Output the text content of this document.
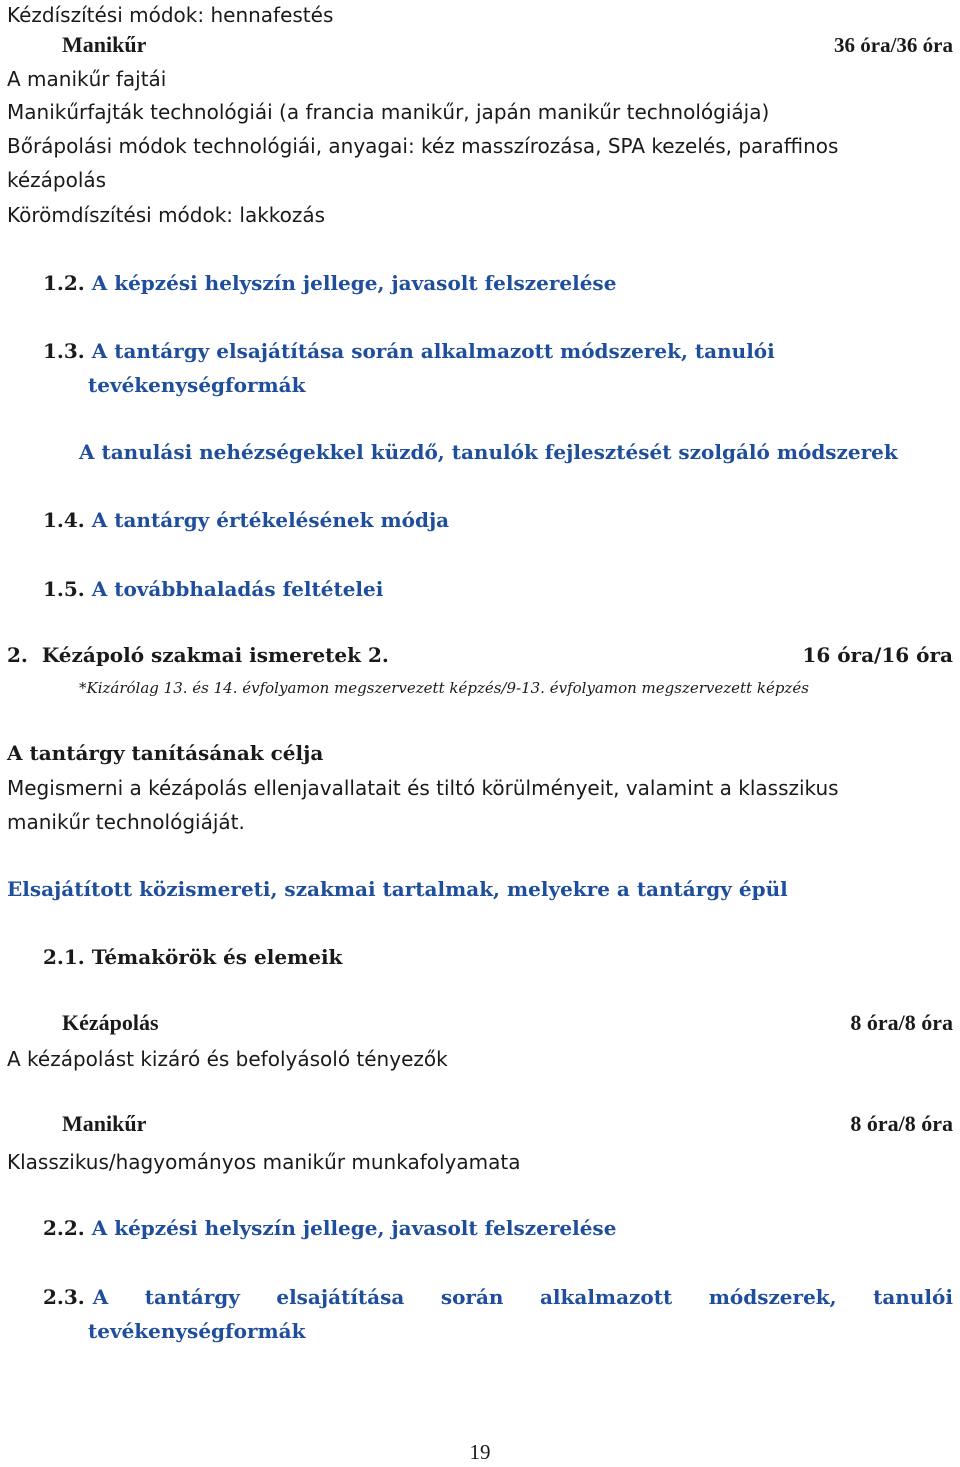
Kézdíszítési módok: hennafestés
Manikűr	36 óra/36 óra
A manikűr fajtái
Manikűrfajták technológiái (a francia manikűr, japán manikűr technológiája)
Bőrápolási módok technológiái, anyagai: kéz masszírozása, SPA kezelés, paraffinos
kézápolás
Körömdíszítési módok: lakkozás
1.2. A képzési helyszín jellege, javasolt felszerelése
1.3. A tantárgy elsajátítása során alkalmazott módszerek, tanulói
tevékenységformák
A tanulási nehézségekkel küzdő, tanulók fejlesztését szolgáló módszerek
1.4. A tantárgy értékelésének módja
1.5. A továbbhaladás feltételei
2. Kézápoló szakmai ismeretek 2.	16 óra/16 óra
*Kizárólag 13. és 14. évfolyamon megszervezett képzés/9-13. évfolyamon megszervezett képzés
A tantárgy tanításának célja
Megismerni a kézápolás ellenjavallatait és tiltó körülményeit, valamint a klasszikus
manikűr technológiáját.
Elsajátított közismereti, szakmai tartalmak, melyekre a tantárgy épül
2.1. Témakörök és elemeik
Kézápolás	8 óra/8 óra
A kézápolást kizáró és befolyásoló tényezők
Manikűr	8 óra/8 óra
Klasszikus/hagyományos manikűr munkafolyamata
2.2. A képzési helyszín jellege, javasolt felszerelése
2.3. A tantárgy elsajátítása során alkalmazott módszerek, tanulói
tevékenységformák
19
